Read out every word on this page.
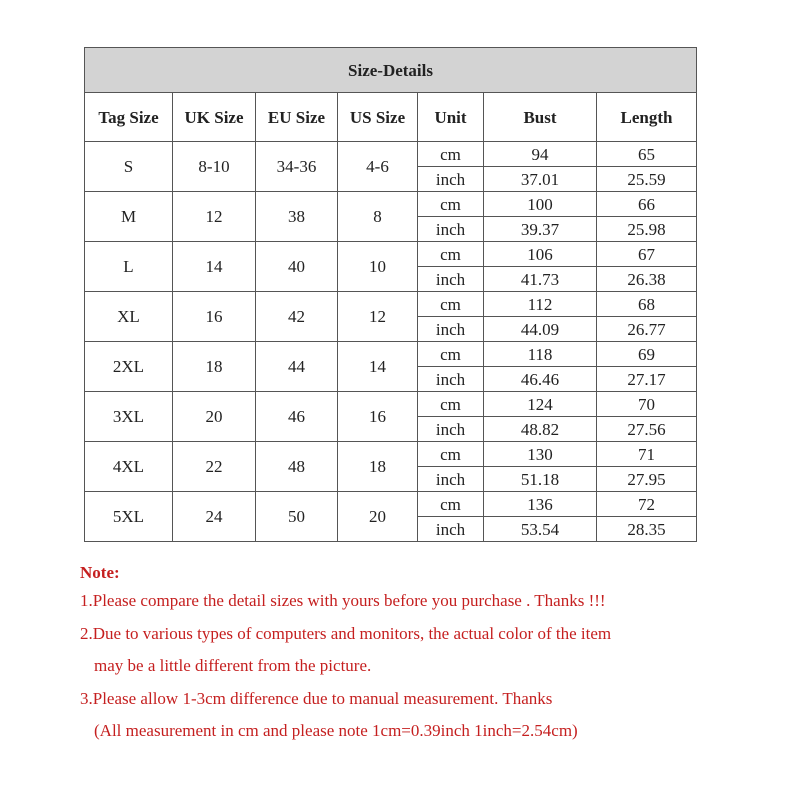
Size-Details						
Tag Size	UK Size	EU Size	US Size	Unit	Bust	Length
S	8-10	34-36	4-6	cm	94	65
				inch	37.01	25.59
M	12	38	8	cm	100	66
				inch	39.37	25.98
L	14	40	10	cm	106	67
				inch	41.73	26.38
XL	16	42	12	cm	112	68
				inch	44.09	26.77
2XL	18	44	14	cm	118	69
				inch	46.46	27.17
3XL	20	46	16	cm	124	70
				inch	48.82	27.56
4XL	22	48	18	cm	130	71
				inch	51.18	27.95
5XL	24	50	20	cm	136	72
				inch	53.54	28.35
Note:
1.Please compare the detail sizes with yours before you purchase . Thanks !!!
2.Due to various types of computers and monitors, the actual color of the item
may be a little different from the picture.
3.Please allow 1-3cm difference due to manual measurement. Thanks
(All measurement in cm and please note 1cm=0.39inch 1inch=2.54cm)
